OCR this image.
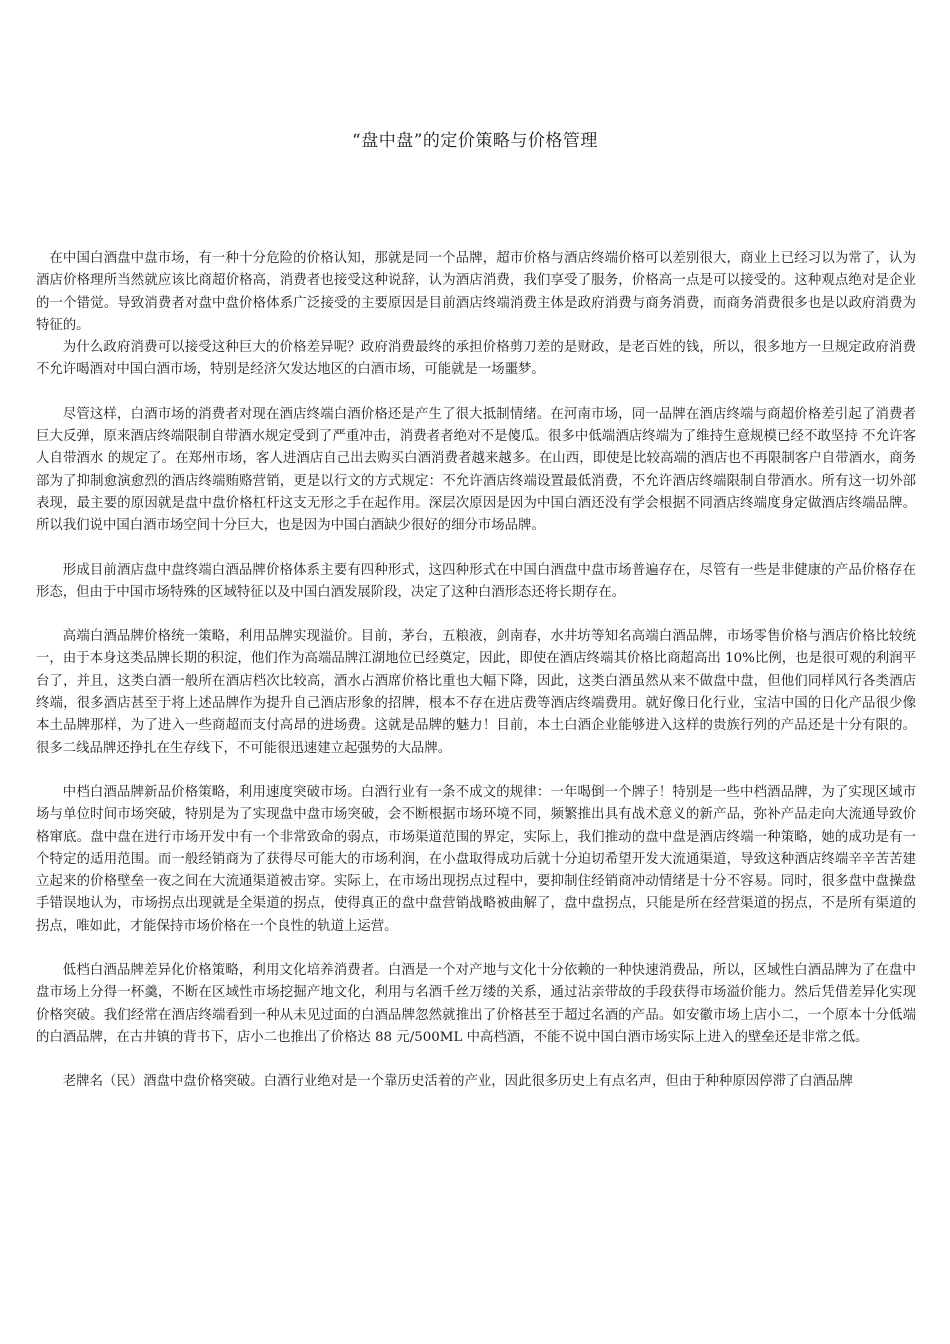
“盘中盘”的定价策略与价格管理

在中国白酒盘中盘市场，有一种十分危险的价格认知，那就是同一个品牌，超市价格与酒店终端价格可以差别很大，商业上已经习以为常了，认为酒店价格理所当然就应该比商超价格高，消费者也接受这种说辞，认为酒店消费，我们享受了服务，价格高一点是可以接受的。这种观点绝对是企业的一个错觉。导致消费者对盘中盘价格体系广泛接受的主要原因是目前酒店终端消费主体是政府消费与商务消费，而商务消费很多也是以政府消费为特征的。

为什么政府消费可以接受这种巨大的价格差异呢？政府消费最终的承担价格剪刀差的是财政，是老百姓的钱，所以，很多地方一旦规定政府消费不允许喝酒对中国白酒市场，特别是经济欠发达地区的白酒市场，可能就是一场噩梦。

尽管这样，白酒市场的消费者对现在酒店终端白酒价格还是产生了很大抵制情绪。在河南市场，同一品牌在酒店终端与商超价格差引起了消费者巨大反弹，原来酒店终端限制自带酒水规定受到了严重冲击，消费者者绝对不是傻瓜。很多中低端酒店终端为了维持生意规模已经不敢坚持 不允许客人自带酒水 的规定了。在郑州市场，客人进酒店自己出去购买白酒消费者越来越多。在山西，即使是比较高端的酒店也不再限制客户自带酒水，商务部为了抑制愈演愈烈的酒店终端贿赂营销，更是以行文的方式规定：不允许酒店终端设置最低消费，不允许酒店终端限制自带酒水。所有这一切外部表现，最主要的原因就是盘中盘价格杠杆这支无形之手在起作用。深层次原因是因为中国白酒还没有学会根据不同酒店终端度身定做酒店终端品牌。所以我们说中国白酒市场空间十分巨大，也是因为中国白酒缺少很好的细分市场品牌。

形成目前酒店盘中盘终端白酒品牌价格体系主要有四种形式，这四种形式在中国白酒盘中盘市场普遍存在，尽管有一些是非健康的产品价格存在形态，但由于中国市场特殊的区域特征以及中国白酒发展阶段，决定了这种白酒形态还将长期存在。

高端白酒品牌价格统一策略，利用品牌实现溢价。目前，茅台，五粮液，剑南春，水井坊等知名高端白酒品牌，市场零售价格与酒店价格比较统一，由于本身这类品牌长期的积淀，他们作为高端品牌江湖地位已经奠定，因此，即使在酒店终端其价格比商超高出 10%比例，也是很可观的利润平台了，并且，这类白酒一般所在酒店档次比较高，酒水占酒席价格比重也大幅下降，因此，这类白酒虽然从来不做盘中盘，但他们同样风行各类酒店终端，很多酒店甚至于将上述品牌作为提升自己酒店形象的招牌，根本不存在进店费等酒店终端费用。就好像日化行业，宝洁中国的日化产品很少像本土品牌那样，为了进入一些商超而支付高昂的进场费。这就是品牌的魅力！目前，本土白酒企业能够进入这样的贵族行列的产品还是十分有限的。很多二线品牌还挣扎在生存线下，不可能很迅速建立起强势的大品牌。

中档白酒品牌新品价格策略，利用速度突破市场。白酒行业有一条不成文的规律：一年喝倒一个牌子！特别是一些中档酒品牌，为了实现区域市场与单位时间市场突破，特别是为了实现盘中盘市场突破，会不断根据市场环境不同，频繁推出具有战术意义的新产品，弥补产品走向大流通导致价格窜底。盘中盘在进行市场开发中有一个非常致命的弱点，市场渠道范围的界定，实际上，我们推动的盘中盘是酒店终端一种策略，她的成功是有一个特定的适用范围。而一般经销商为了获得尽可能大的市场利润，在小盘取得成功后就十分迫切希望开发大流通渠道，导致这种酒店终端辛辛苦苦建立起来的价格壁垒一夜之间在大流通渠道被击穿。实际上，在市场出现拐点过程中，要抑制住经销商冲动情绪是十分不容易。同时，很多盘中盘操盘手错误地认为，市场拐点出现就是全渠道的拐点，使得真正的盘中盘营销战略被曲解了，盘中盘拐点，只能是所在经营渠道的拐点，不是所有渠道的拐点，唯如此，才能保持市场价格在一个良性的轨道上运营。

低档白酒品牌差异化价格策略，利用文化培养消费者。白酒是一个对产地与文化十分依赖的一种快速消费品，所以，区域性白酒品牌为了在盘中盘市场上分得一杯羹，不断在区域性市场挖掘产地文化，利用与名酒千丝万缕的关系，通过沾亲带故的手段获得市场溢价能力。然后凭借差异化实现价格突破。我们经常在酒店终端看到一种从未见过面的白酒品牌忽然就推出了价格甚至于超过名酒的产品。如安徽市场上店小二，一个原本十分低端的白酒品牌，在古井镇的背书下，店小二也推出了价格达 88 元/500ML 中高档酒，不能不说中国白酒市场实际上进入的壁垒还是非常之低。

老牌名（民）酒盘中盘价格突破。白酒行业绝对是一个靠历史活着的产业，因此很多历史上有点名声，但由于种种原因停滞了白酒品牌
